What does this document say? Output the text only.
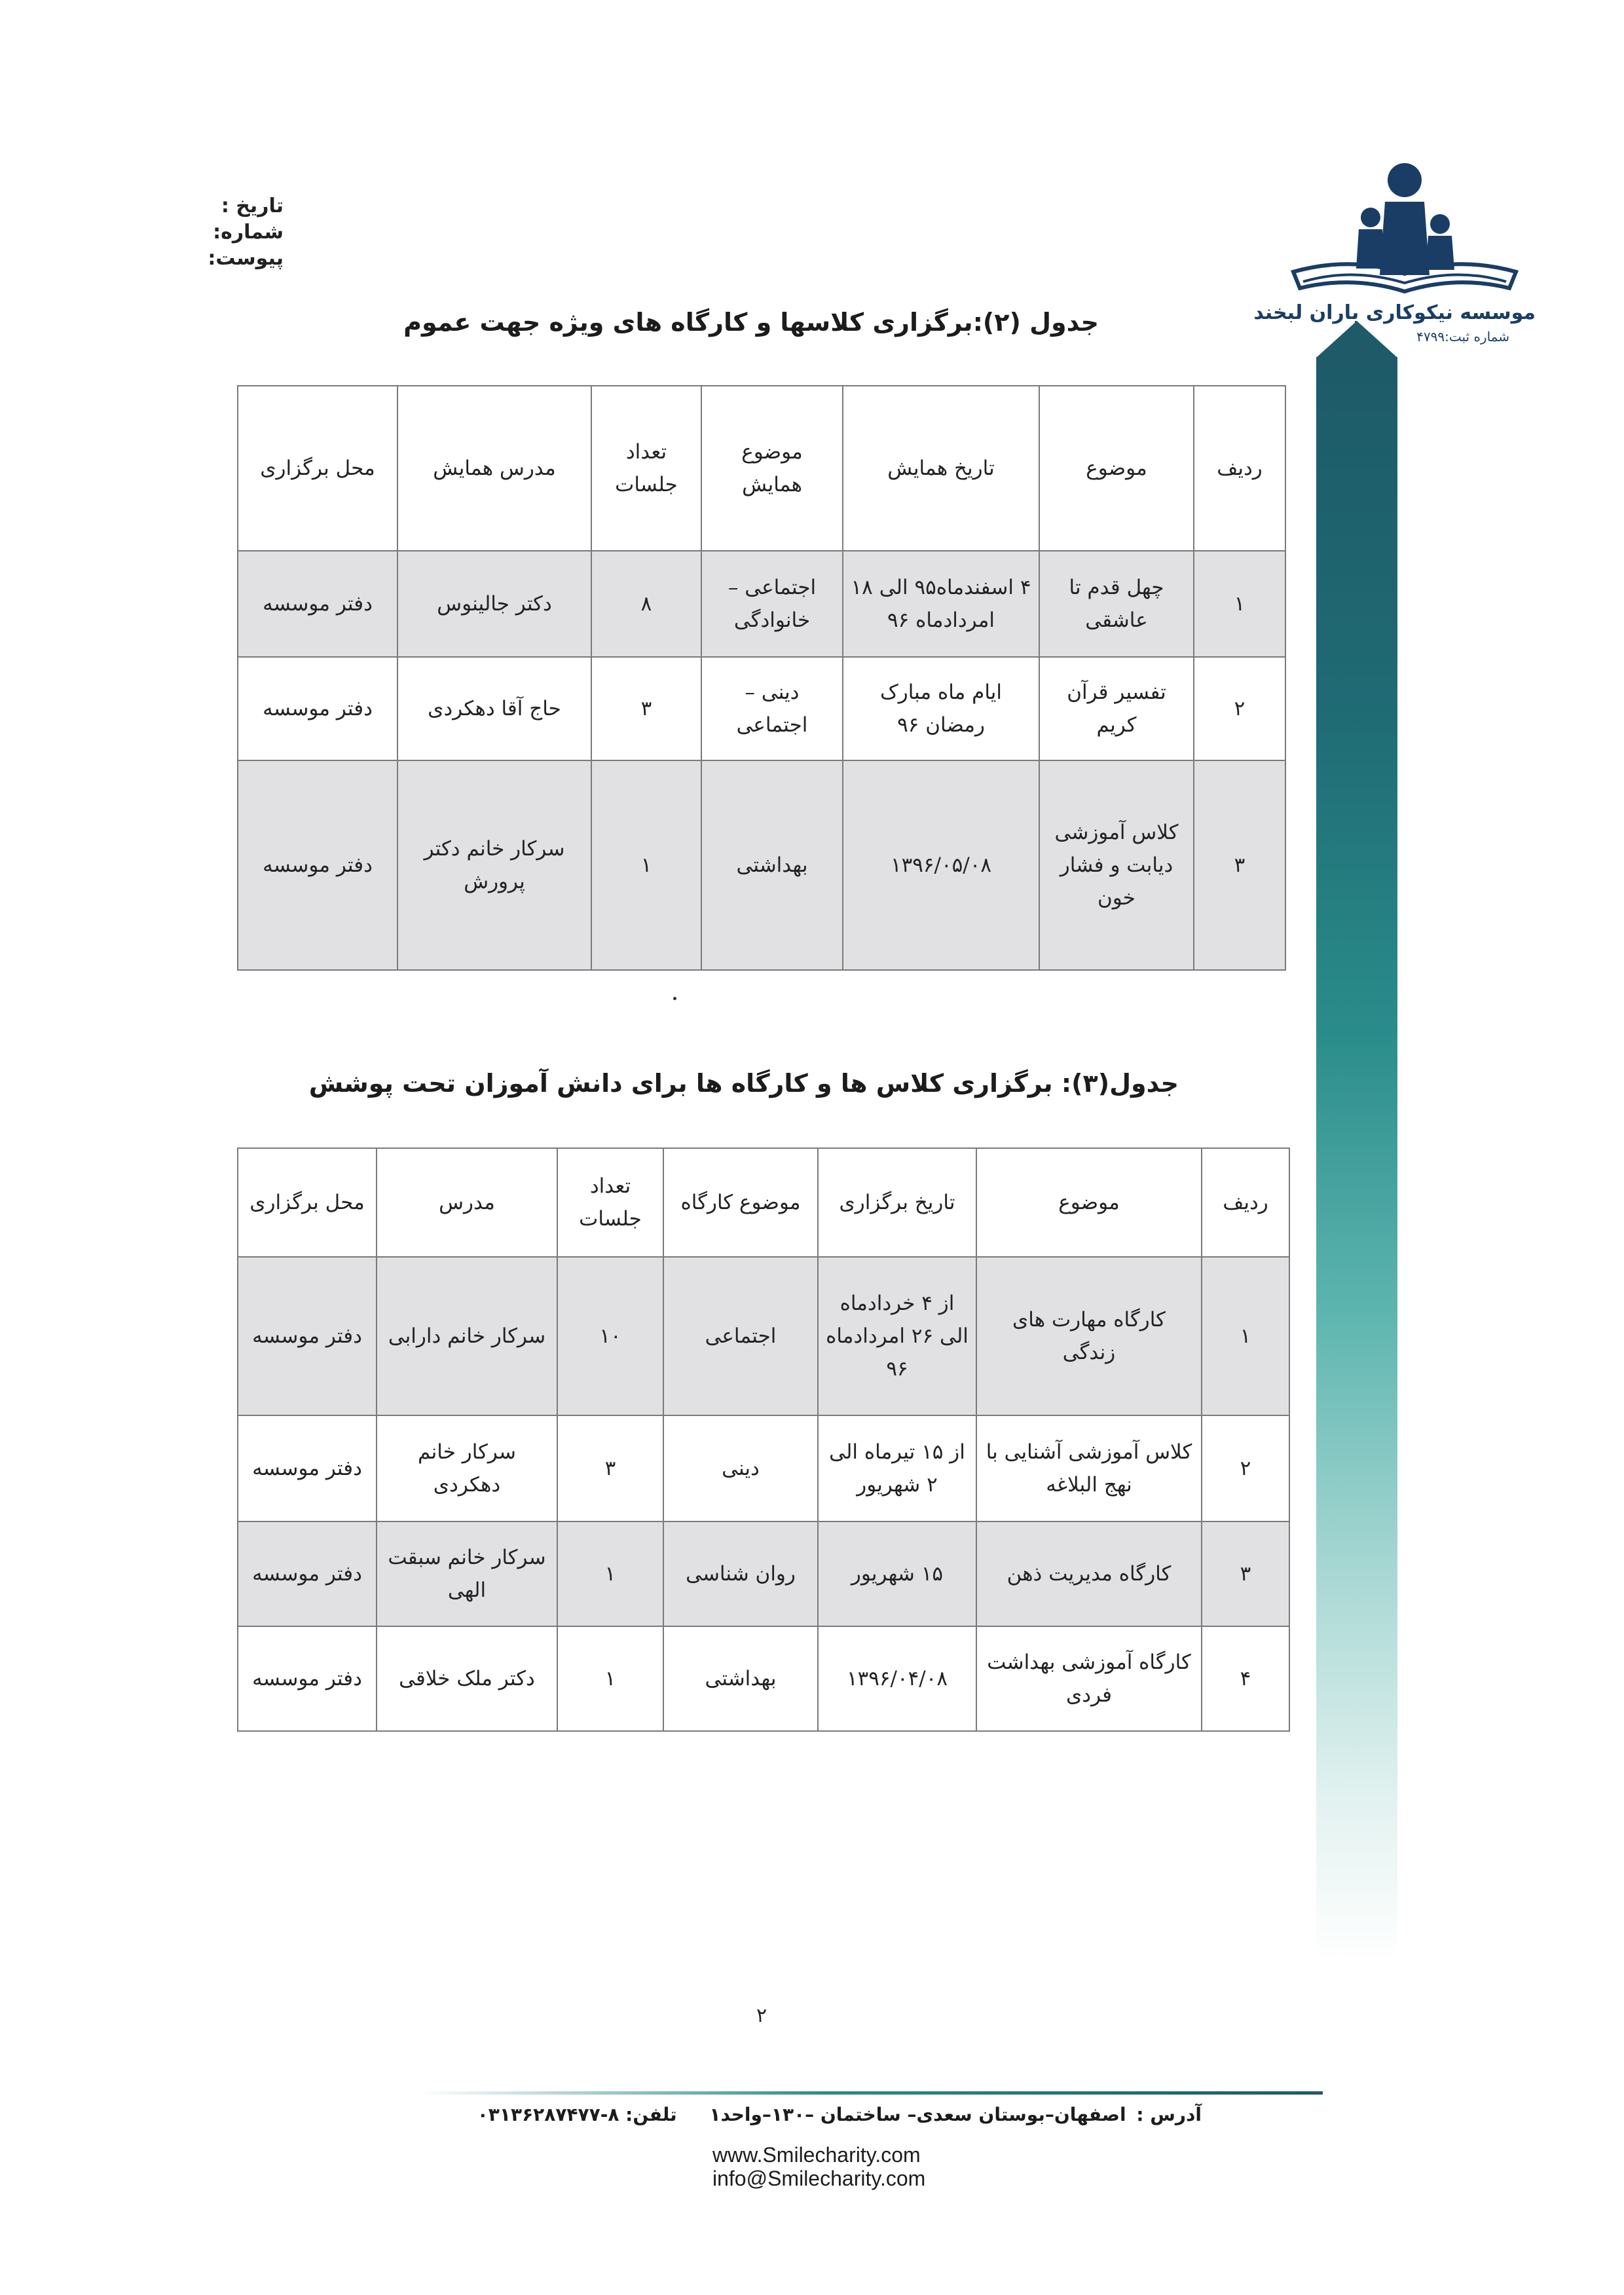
موسسه نیکوکاری باران لبخند
شماره ثبت:۴۷۹۹
تاریخ :
شماره:
پیوست:
جدول (۲):برگزاری کلاسها و کارگاه های ویژه جهت عموم
ردیف	موضوع	تاریخ همایش	موضوع همایش	تعداد جلسات	مدرس همایش	محل برگزاری
۱	چهل قدم تا عاشقی	۴ اسفندماه۹۵ الی ۱۸ امردادماه ۹۶	اجتماعی – خانوادگی	۸	دکتر جالینوس	دفتر موسسه
۲	تفسیر قرآن کریم	ایام ماه مبارک رمضان ۹۶	دینی – اجتماعی	۳	حاج آقا دهکردی	دفتر موسسه
۳	کلاس آموزشی دیابت و فشار خون	۱۳۹۶/۰۵/۰۸	بهداشتی	۱	سرکار خانم دکتر پرورش	دفتر موسسه
جدول(۳): برگزاری کلاس ها و کارگاه ها برای دانش آموزان تحت پوشش
ردیف	موضوع	تاریخ برگزاری	موضوع کارگاه	تعداد جلسات	مدرس	محل برگزاری
۱	کارگاه مهارت های زندگی	از ۴ خردادماه الی ۲۶ امردادماه ۹۶	اجتماعی	۱۰	سرکار خانم دارابی	دفتر موسسه
۲	کلاس آموزشی آشنایی با نهج البلاغه	از ۱۵ تیرماه الی ۲ شهریور	دینی	۳	سرکار خانم دهکردی	دفتر موسسه
۳	کارگاه مدیریت ذهن	۱۵ شهریور	روان شناسی	۱	سرکار خانم سبقت الهی	دفتر موسسه
۴	کارگاه آموزشی بهداشت فردی	۱۳۹۶/۰۴/۰۸	بهداشتی	۱	دکتر ملک خلاقی	دفتر موسسه
۲
آدرس : اصفهان–بوستان سعدی– ساختمان –۱۳۰–واحد۱ تلفن: ۸-۰۳۱۳۶۲۸۷۴۷۷
www.Smilecharity.com
info@Smilecharity.com
